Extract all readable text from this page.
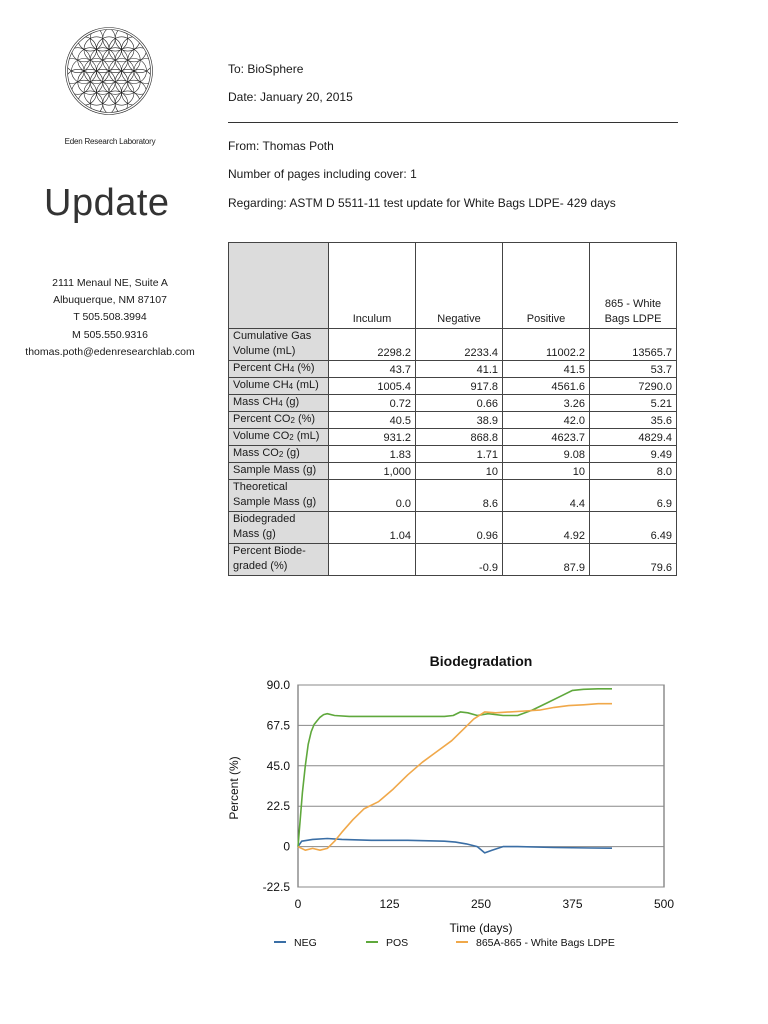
Eden Research Laboratory
Update
2111 Menaul NE, Suite A
Albuquerque, NM 87107
T 505.508.3994
M 505.550.9316
thomas.poth@edenresearchlab.com
To: BioSphere
Date: January 20, 2015
From: Thomas Poth
Number of pages including cover: 1
Regarding: ASTM D 5511-11 test update for White Bags LDPE- 429 days
	Inculum	Negative	Positive	865 - White Bags LDPE
Cumulative Gas Volume (mL)	2298.2	2233.4	11002.2	13565.7
Percent $CH_4$ (%)	43.7	41.1	41.5	53.7
Volume $CH_4$ (mL)	1005.4	917.8	4561.6	7290.0
Mass $CH_4$ (g)	0.72	0.66	3.26	5.21
Percent $CO_2$ (%)	40.5	38.9	42.0	35.6
Volume $CO_2$ (mL)	931.2	868.8	4623.7	4829.4
Mass $CO_2$ (g)	1.83	1.71	9.08	9.49
Sample Mass (g)	1,000	10	10	8.0
Theoretical Sample Mass (g)	0.0	8.6	4.4	6.9
Biodegraded Mass (g)	1.04	0.96	4.92	6.49
Percent Biode-graded (%)		-0.9	87.9	79.6
Biodegradation
90.0
67.5
45.0
22.5
0
-22.5
0	125	250	375	500
Time (days)
Percent (%)
NEG	POS	865A-865 - White Bags LDPE
